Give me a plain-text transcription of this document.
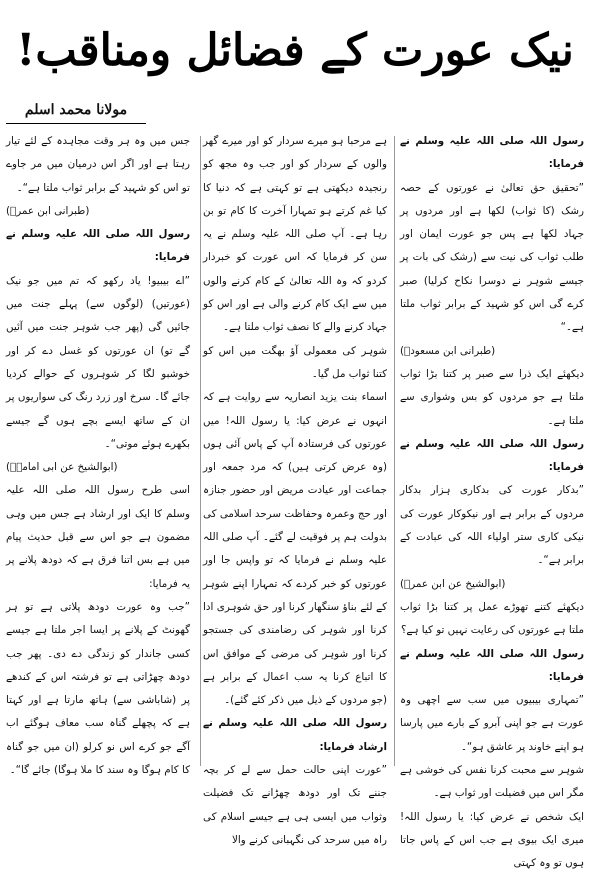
نیک عورت کے فضائل ومناقب!
مولانا محمد اسلم

رسول اللہ صلی اللہ علیہ وسلم نے فرمایا:

”تحقیق حق تعالیٰ نے عورتوں کے حصہ رشک (کا ثواب) لکھا ہے اور مردوں پر جہاد لکھا ہے پس جو عورت ایمان اور طلب ثواب کی نیت سے (رشک کی بات پر جیسے شوہر نے دوسرا نکاح کرلیا) صبر کرے گی اس کو شہید کے برابر ثواب ملتا ہے۔“

(طبرانی ابن مسعودؓ)

دیکھئے ایک ذرا سے صبر پر کتنا بڑا ثواب ملتا ہے جو مردوں کو بس وشواری سے ملتا ہے۔

رسول اللہ صلی اللہ علیہ وسلم نے فرمایا:

”بدکار عورت کی بدکاری ہزار بدکار مردوں کے برابر ہے اور نیکوکار عورت کی نیکی کاری ستر اولیاء اللہ کی عبادت کے برابر ہے“۔

(ابوالشیخ عن ابن عمرؓ)

دیکھئے کتنے تھوڑے عمل پر کتنا بڑا ثواب ملتا ہے عورتوں کی رعایت نہیں تو کیا ہے؟

رسول اللہ صلی اللہ علیہ وسلم نے فرمایا:

”تمہاری بیبیوں میں سب سے اچھی وہ عورت ہے جو اپنی آبرو کے بارے میں پارسا ہو اپنے خاوند پر عاشق ہو“۔

شوہر سے محبت کرنا نفس کی خوشی ہے مگر اس میں فضیلت اور ثواب ہے۔

ایک شخص نے عرض کیا: یا رسول اللہ! میری ایک بیوی ہے جب اس کے پاس جاتا ہوں تو وہ کہتی

ہے مرحبا ہو میرے سردار کو اور میرے گھر والوں کے سردار کو اور جب وہ مجھ کو رنجیدہ دیکھتی ہے تو کہتی ہے کہ دنیا کا کیا غم کرتے ہو تمہارا آخرت کا کام تو بن رہا ہے۔ آپ صلی اللہ علیہ وسلم نے یہ سن کر فرمایا کہ اس عورت کو خبردار کردو کہ وہ اللہ تعالیٰ کے کام کرنے والوں میں سے ایک کام کرنے والی ہے اور اس کو جہاد کرنے والے کا نصف ثواب ملتا ہے۔

شوہر کی معمولی آؤ بھگت میں اس کو کتنا ثواب مل گیا۔

اسماء بنت یزید انصاریہ سے روایت ہے کہ انہوں نے عرض کیا: یا رسول اللہ! میں عورتوں کی فرستادہ آپ کے پاس آئی ہوں (وہ عرض کرتی ہیں) کہ مرد جمعہ اور جماعت اور عیادت مریض اور حضور جنازہ اور حج وعمرہ وحفاظت سرحد اسلامی کی بدولت ہم پر فوقیت لے گئے۔ آپ صلی اللہ علیہ وسلم نے فرمایا کہ تو واپس جا اور عورتوں کو خبر کردے کہ تمہارا اپنے شوہر کے لئے بناؤ سنگھار کرنا اور حق شوہری ادا کرنا اور شوہر کی رضامندی کی جستجو کرنا اور شوہر کی مرضی کے موافق اس کا اتباع کرنا یہ سب اعمال کے برابر ہے (جو مردوں کے ذیل میں ذکر کئے گئے)۔

رسول اللہ صلی اللہ علیہ وسلم نے ارشاد فرمایا:

”عورت اپنی حالت حمل سے لے کر بچہ جننے تک اور دودھ چھڑانے تک فضیلت وثواب میں ایسی ہی ہے جیسے اسلام کی راہ میں سرحد کی نگہبانی کرنے والا

جس میں وہ ہر وقت مجاہدہ کے لئے تیار رہتا ہے اور اگر اس درمیان میں مر جاوے تو اس کو شہید کے برابر ثواب ملتا ہے“۔

(طبرانی ابن عمرؓ)

رسول اللہ صلی اللہ علیہ وسلم نے فرمایا:

”اے بیبیو! یاد رکھو کہ تم میں جو نیک (عورتیں) (لوگوں سے) پہلے جنت میں جائیں گی (پھر جب شوہر جنت میں آئیں گے تو) ان عورتوں کو غسل دے کر اور خوشبو لگا کر شوہروں کے حوالے کردیا جائے گا۔ سرخ اور زرد رنگ کی سواریوں پر ان کے ساتھ ایسے بچے ہوں گے جیسے بکھرے ہوئے موتی“۔

(ابوالشیخ عن ابی امامہؓ)

اسی طرح رسول اللہ صلی اللہ علیہ وسلم کا ایک اور ارشاد ہے جس میں وہی مضمون ہے جو اس سے قبل حدیث پیام میں ہے بس اتنا فرق ہے کہ دودھ پلانے پر یہ فرمایا:

”جب وہ عورت دودھ پلاتی ہے تو ہر گھونٹ کے پلانے پر ایسا اجر ملتا ہے جیسے کسی جاندار کو زندگی دے دی۔ پھر جب دودھ چھڑاتی ہے تو فرشتہ اس کے کندھے پر (شاباشی سے) ہاتھ مارتا ہے اور کہتا ہے کہ پچھلے گناہ سب معاف ہوگئے اب آگے جو کرے اس نو کرلو (ان میں جو گناہ کا کام ہوگا وہ سند کا ملا ہوگا) جائے گا“۔
